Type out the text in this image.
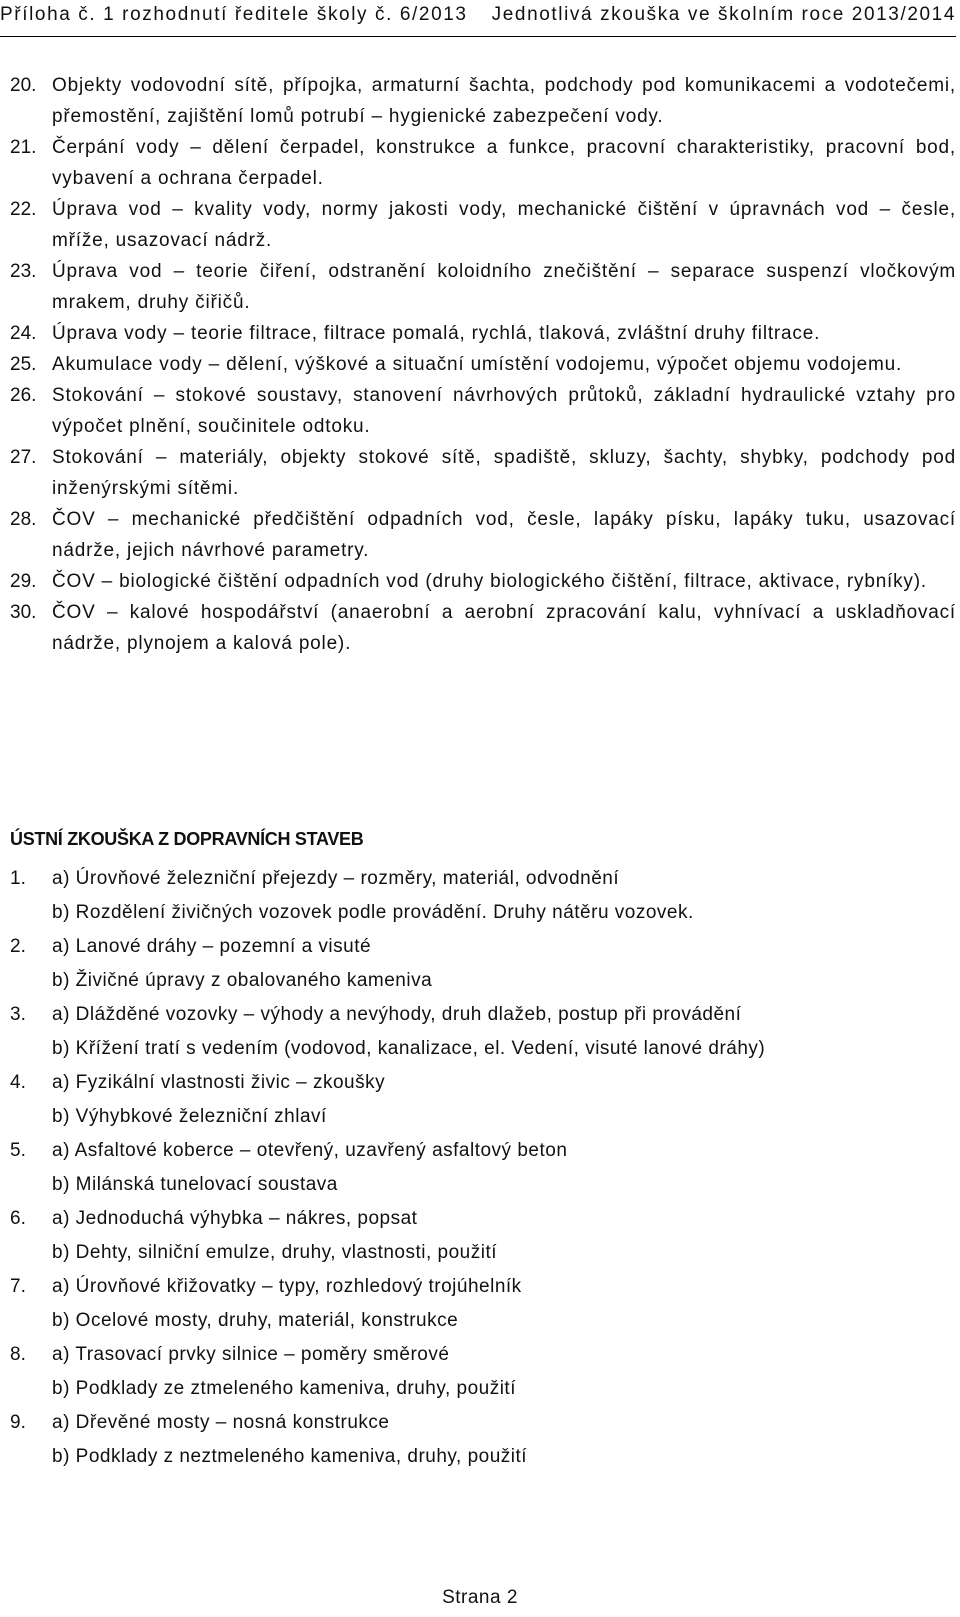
Příloha č. 1 rozhodnutí ředitele školy č. 6/2013 Jednotlivá zkouška ve školním roce 2013/2014
20. Objekty vodovodní sítě, přípojka, armaturní šachta, podchody pod komunikacemi a vodotečemi, přemostění, zajištění lomů potrubí – hygienické zabezpečení vody.
21. Čerpání vody – dělení čerpadel, konstrukce a funkce, pracovní charakteristiky, pracovní bod, vybavení a ochrana čerpadel.
22. Úprava vod – kvality vody, normy jakosti vody, mechanické čištění v úpravnách vod – česle, mříže, usazovací nádrž.
23. Úprava vod – teorie čiření, odstranění koloidního znečištění – separace suspenzí vločkovým mrakem, druhy čiřičů.
24. Úprava vody – teorie filtrace, filtrace pomalá, rychlá, tlaková, zvláštní druhy filtrace.
25. Akumulace vody – dělení, výškové a situační umístění vodojemu, výpočet objemu vodojemu.
26. Stokování – stokové soustavy, stanovení návrhových průtoků, základní hydraulické vztahy pro výpočet plnění, součinitele odtoku.
27. Stokování – materiály, objekty stokové sítě, spadiště, skluzy, šachty, shybky, podchody pod inženýrskými sítěmi.
28. ČOV – mechanické předčištění odpadních vod, česle, lapáky písku, lapáky tuku, usazovací nádrže, jejich návrhové parametry.
29. ČOV – biologické čištění odpadních vod (druhy biologického čištění, filtrace, aktivace, rybníky).
30. ČOV – kalové hospodářství (anaerobní a aerobní zpracování kalu, vyhnívací a uskladňovací nádrže, plynojem a kalová pole).
ÚSTNÍ ZKOUŠKA Z DOPRAVNÍCH STAVEB
1.	a) Úrovňové železniční přejezdy – rozměry, materiál, odvodnění
b) Rozdělení živičných vozovek podle provádění. Druhy nátěru vozovek.
2.	a) Lanové dráhy – pozemní a visuté
b) Živičné úpravy z obalovaného kameniva
3.	a) Dlážděné vozovky – výhody a nevýhody, druh dlažeb, postup při provádění
b) Křížení tratí s vedením (vodovod, kanalizace, el. Vedení, visuté lanové dráhy)
4.	a) Fyzikální vlastnosti živic – zkoušky
b) Výhybkové železniční zhlaví
5.	a) Asfaltové koberce – otevřený, uzavřený asfaltový beton
b) Milánská tunelovací soustava
6.	a) Jednoduchá výhybka – nákres, popsat
b) Dehty, silniční emulze, druhy, vlastnosti, použití
7.	a) Úrovňové křižovatky – typy, rozhledový trojúhelník
b) Ocelové mosty, druhy, materiál, konstrukce
8.	a) Trasovací prvky silnice – poměry směrové
b) Podklady ze ztmeleného kameniva, druhy, použití
9.	a) Dřevěné mosty – nosná konstrukce
b) Podklady z neztmeleného kameniva, druhy, použití
Strana 2
